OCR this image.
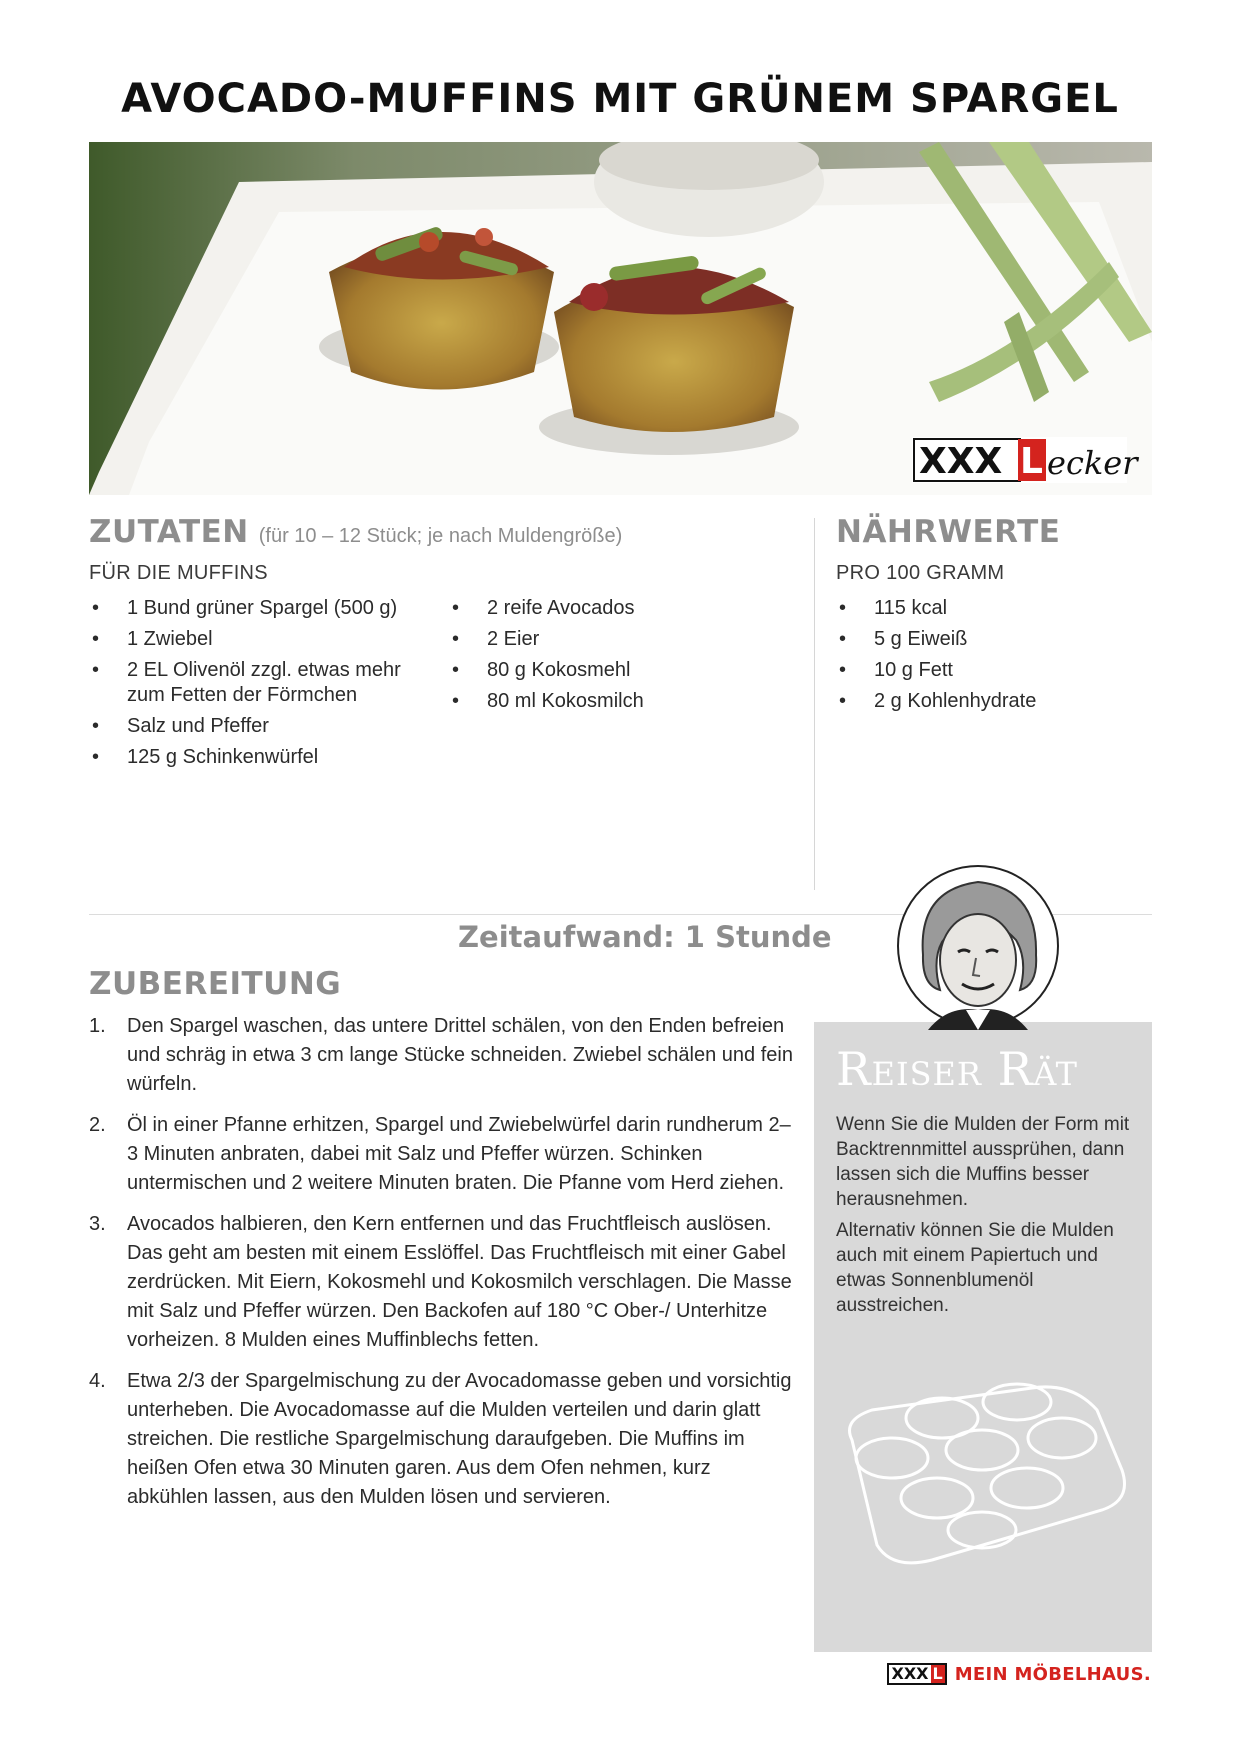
AVOCADO-MUFFINS MIT GRÜNEM SPARGEL
XXX L ecker
ZUTATEN (für 10 – 12 Stück; je nach Muldengröße)
FÜR DIE MUFFINS
• 1 Bund grüner Spargel (500 g)
• 1 Zwiebel
• 2 EL Olivenöl zzgl. etwas mehr zum Fetten der Förmchen
• Salz und Pfeffer
• 125 g Schinkenwürfel
• 2 reife Avocados
• 2 Eier
• 80 g Kokosmehl
• 80 ml Kokosmilch
NÄHRWERTE
PRO 100 GRAMM
• 115 kcal
• 5 g Eiweiß
• 10 g Fett
• 2 g Kohlenhydrate
Zeitaufwand: 1 Stunde
ZUBEREITUNG
1. Den Spargel waschen, das untere Drittel schälen, von den Enden befreien und schräg in etwa 3 cm lange Stücke schneiden. Zwiebel schälen und fein würfeln.
2. Öl in einer Pfanne erhitzen, Spargel und Zwiebelwürfel darin rundherum 2–3 Minuten anbraten, dabei mit Salz und Pfeffer würzen. Schinken untermischen und 2 weitere Minuten braten. Die Pfanne vom Herd ziehen.
3. Avocados halbieren, den Kern entfernen und das Fruchtfleisch auslösen. Das geht am besten mit einem Esslöffel. Das Fruchtfleisch mit einer Gabel zerdrücken. Mit Eiern, Kokosmehl und Kokosmilch verschlagen. Die Masse mit Salz und Pfeffer würzen. Den Backofen auf 180 °C Ober-/ Unterhitze vorheizen. 8 Mulden eines Muffinblechs fetten.
4. Etwa 2/3 der Spargelmischung zu der Avocadomasse geben und vorsichtig unterheben. Die Avocadomasse auf die Mulden verteilen und darin glatt streichen. Die restliche Spargelmischung daraufgeben. Die Muffins im heißen Ofen etwa 30 Minuten garen. Aus dem Ofen nehmen, kurz abkühlen lassen, aus den Mulden lösen und servieren.
Reiser Rät

Wenn Sie die Mulden der Form mit Backtrennmittel aussprühen, dann lassen sich die Muffins besser herausnehmen.

Alternativ können Sie die Mulden auch mit einem Papiertuch und etwas Sonnenblumenöl ausstreichen.

XXX L MEIN MÖBELHAUS.
